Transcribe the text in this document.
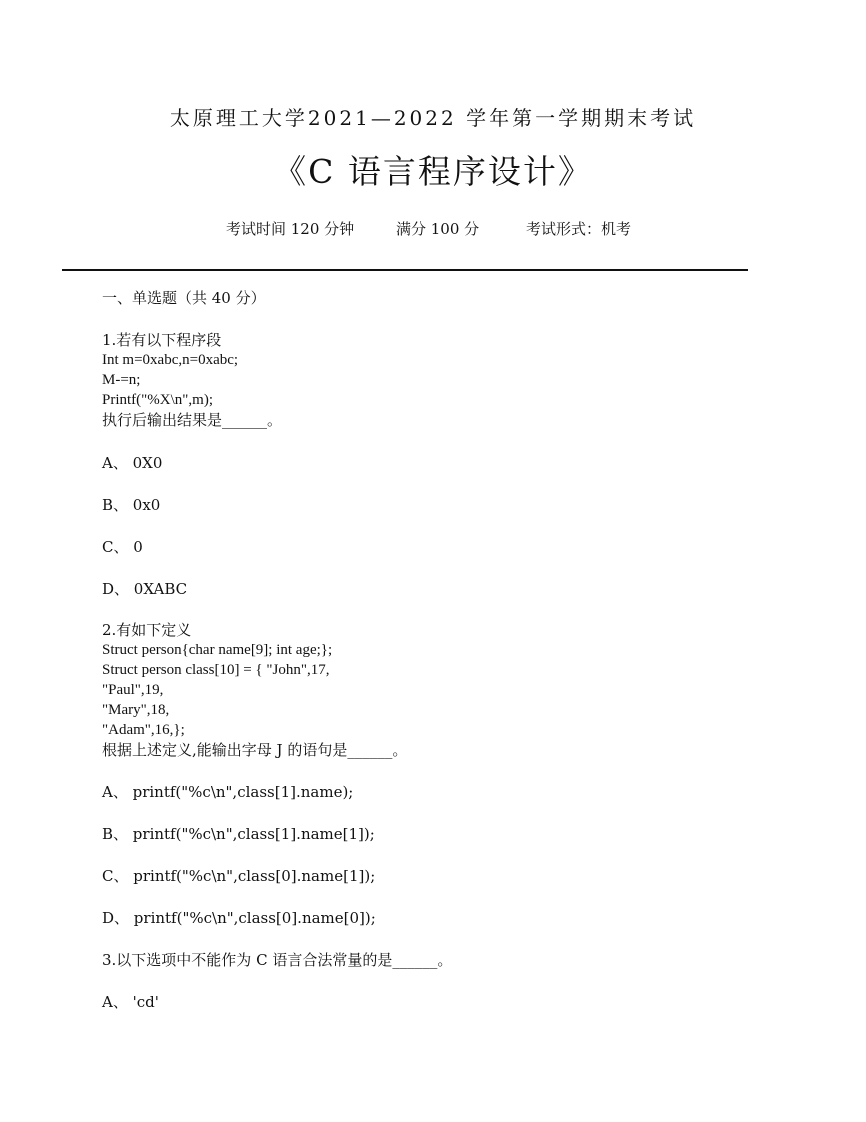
太原理工大学2021—2022 学年第一学期期末考试
《C 语言程序设计》
考试时间 120 分钟	满分 100 分	考试形式：机考
一、单选题（共 40 分）
1.若有以下程序段
Int m=0xabc,n=0xabc;
M-=n;
Printf("%X\n",m);
执行后输出结果是______。
A、 0X0
B、 0x0
C、 0
D、 0XABC
2.有如下定义
Struct person{char name[9]; int age;};
Struct person class[10] = { "John",17,
"Paul",19,
"Mary",18,
"Adam",16,};
根据上述定义,能输出字母 J 的语句是______。
A、 printf("%c\n",class[1].name);
B、 printf("%c\n",class[1].name[1]);
C、 printf("%c\n",class[0].name[1]);
D、 printf("%c\n",class[0].name[0]);
3.以下选项中不能作为 C 语言合法常量的是______。
A、 'cd'
